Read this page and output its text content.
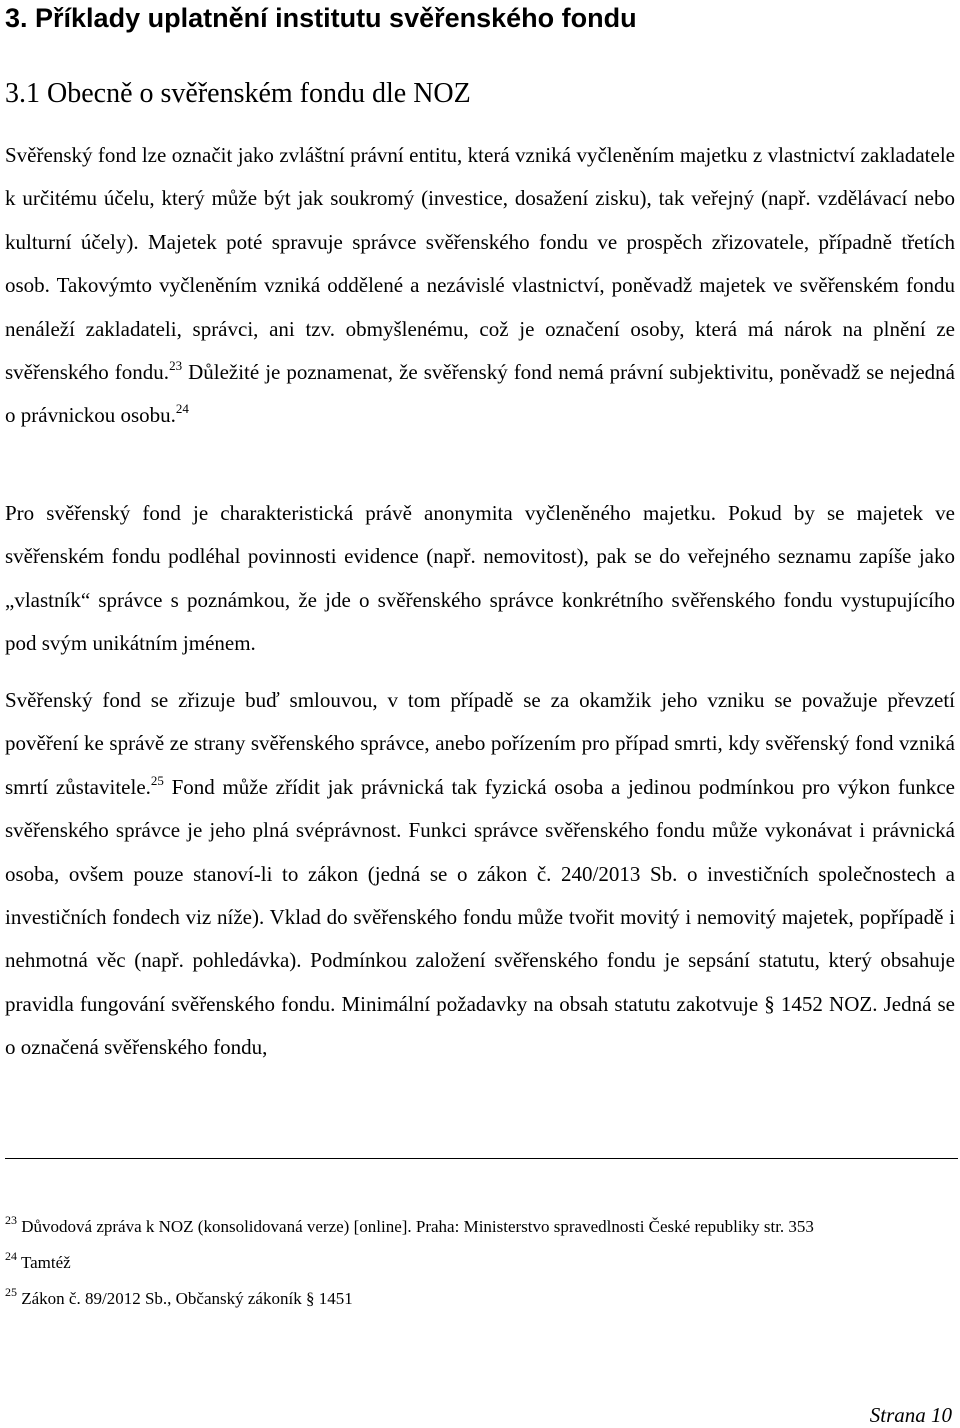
3. Příklady uplatnění institutu svěřenského fondu
3.1 Obecně o svěřenském fondu dle NOZ

Svěřenský fond lze označit jako zvláštní právní entitu, která vzniká vyčleněním majetku z vlastnictví zakladatele k určitému účelu, který může být jak soukromý (investice, dosažení zisku), tak veřejný (např. vzdělávací nebo kulturní účely). Majetek poté spravuje správce svěřenského fondu ve prospěch zřizovatele, případně třetích osob. Takovýmto vyčleněním vzniká oddělené a nezávislé vlastnictví, poněvadž majetek ve svěřenském fondu nenáleží zakladateli, správci, ani tzv. obmyšlenému, což je označení osoby, která má nárok na plnění ze svěřenského fondu.$^{23}$ Důležité je poznamenat, že svěřenský fond nemá právní subjektivitu, poněvadž se nejedná o právnickou osobu.$^{24}$

Pro svěřenský fond je charakteristická právě anonymita vyčleněného majetku. Pokud by se majetek ve svěřenském fondu podléhal povinnosti evidence (např. nemovitost), pak se do veřejného seznamu zapíše jako „vlastník“ správce s poznámkou, že jde o svěřenského správce konkrétního svěřenského fondu vystupujícího pod svým unikátním jménem.

Svěřenský fond se zřizuje buď smlouvou, v tom případě se za okamžik jeho vzniku se považuje převzetí pověření ke správě ze strany svěřenského správce, anebo pořízením pro případ smrti, kdy svěřenský fond vzniká smrtí zůstavitele.$^{25}$ Fond může zřídit jak právnická tak fyzická osoba a jedinou podmínkou pro výkon funkce svěřenského správce je jeho plná svéprávnost. Funkci správce svěřenského fondu může vykonávat i právnická osoba, ovšem pouze stanoví-li to zákon (jedná se o zákon č. 240/2013 Sb. o investičních společnostech a investičních fondech viz níže). Vklad do svěřenského fondu může tvořit movitý i nemovitý majetek, popřípadě i nehmotná věc (např. pohledávka). Podmínkou založení svěřenského fondu je sepsání statutu, který obsahuje pravidla fungování svěřenského fondu. Minimální požadavky na obsah statutu zakotvuje § 1452 NOZ. Jedná se o označená svěřenského fondu,

$^{23}$ Důvodová zpráva k NOZ (konsolidovaná verze) [online]. Praha: Ministerstvo spravedlnosti České republiky str. 353

$^{24}$ Tamtéž

$^{25}$ Zákon č. 89/2012 Sb., Občanský zákoník § 1451

Strana 10
